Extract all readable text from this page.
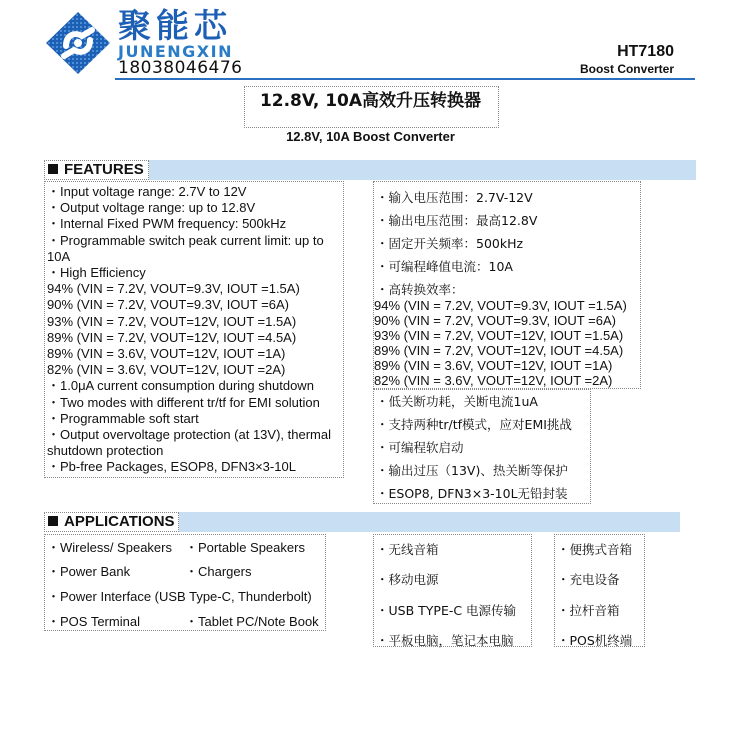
聚能芯
JUNENGXIN
18038046476
HT7180
Boost Converter
12.8V, 10A高效升压转换器
12.8V, 10A Boost Converter
FEATURES
・Input voltage range: 2.7V to 12V
・Output voltage range: up to 12.8V
・Internal Fixed PWM frequency: 500kHz
・Programmable switch peak current limit: up to
10A
・High Efficiency
94% (VIN = 7.2V, VOUT=9.3V, IOUT =1.5A)
90% (VIN = 7.2V, VOUT=9.3V, IOUT =6A)
93% (VIN = 7.2V, VOUT=12V, IOUT =1.5A)
89% (VIN = 7.2V, VOUT=12V, IOUT =4.5A)
89% (VIN = 3.6V, VOUT=12V, IOUT =1A)
82% (VIN = 3.6V, VOUT=12V, IOUT =2A)
・1.0μA current consumption during shutdown
・Two modes with different tr/tf for EMI solution
・Programmable soft start
・Output overvoltage protection (at 13V), thermal
shutdown protection
・Pb-free Packages, ESOP8, DFN3×3-10L
・输入电压范围：2.7V-12V
・输出电压范围：最高12.8V
・固定开关频率：500kHz
・可编程峰值电流：10A
・高转换效率：
94% (VIN = 7.2V, VOUT=9.3V, IOUT =1.5A)
90% (VIN = 7.2V, VOUT=9.3V, IOUT =6A)
93% (VIN = 7.2V, VOUT=12V, IOUT =1.5A)
89% (VIN = 7.2V, VOUT=12V, IOUT =4.5A)
89% (VIN = 3.6V, VOUT=12V, IOUT =1A)
82% (VIN = 3.6V, VOUT=12V, IOUT =2A)
・低关断功耗，关断电流1uA
・支持两种tr/tf模式，应对EMI挑战
・可编程软启动
・输出过压（13V)、热关断等保护
・ESOP8, DFN3×3-10L无铅封装
APPLICATIONS
・Wireless/ Speakers ・Portable Speakers
・Power Bank	・Chargers
・Power Interface (USB Type-C, Thunderbolt)
・POS Terminal	・Tablet PC/Note Book
・无线音箱
・移动电源
・USB TYPE-C 电源传输
・平板电脑，笔记本电脑
・便携式音箱
・充电设备
・拉杆音箱
・POS机终端
